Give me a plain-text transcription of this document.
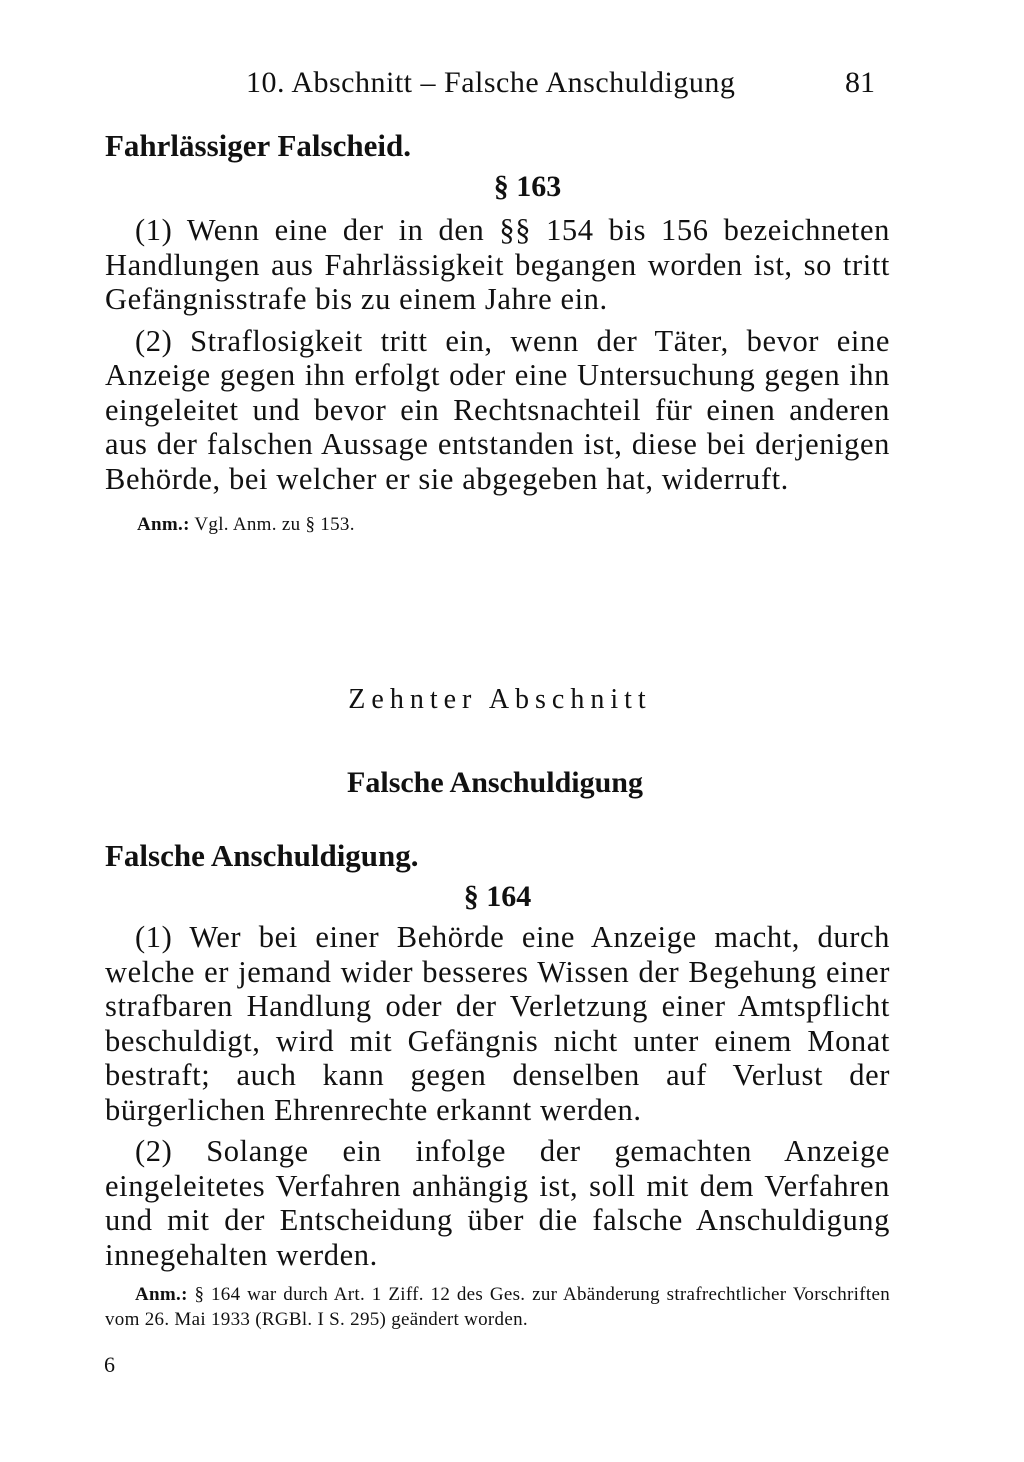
10. Abschnitt – Falsche Anschuldigung	81

Fahrlässiger Falscheid.

§ 163

(1) Wenn eine der in den §§ 154 bis 156 bezeichneten Handlungen aus Fahrlässigkeit begangen worden ist, so tritt Gefängnisstrafe bis zu einem Jahre ein.

(2) Straflosigkeit tritt ein, wenn der Täter, bevor eine Anzeige gegen ihn erfolgt oder eine Untersuchung gegen ihn eingeleitet und bevor ein Rechtsnachteil für einen anderen aus der falschen Aussage entstanden ist, diese bei derjenigen Behörde, bei welcher er sie abgegeben hat, widerruft.

Anm.: Vgl. Anm. zu § 153.

Zehnter Abschnitt
Falsche Anschuldigung

Falsche Anschuldigung.

§ 164

(1) Wer bei einer Behörde eine Anzeige macht, durch welche er jemand wider besseres Wissen der Begehung einer strafbaren Handlung oder der Verletzung einer Amtspflicht beschuldigt, wird mit Gefängnis nicht unter einem Monat bestraft; auch kann gegen denselben auf Verlust der bürgerlichen Ehrenrechte erkannt werden.

(2) Solange ein infolge der gemachten Anzeige eingeleitetes Verfahren anhängig ist, soll mit dem Verfahren und mit der Entscheidung über die falsche Anschuldigung innegehalten werden.

Anm.: § 164 war durch Art. 1 Ziff. 12 des Ges. zur Abänderung strafrechtlicher Vorschriften vom 26. Mai 1933 (RGBl. I S. 295) geändert worden.

6
